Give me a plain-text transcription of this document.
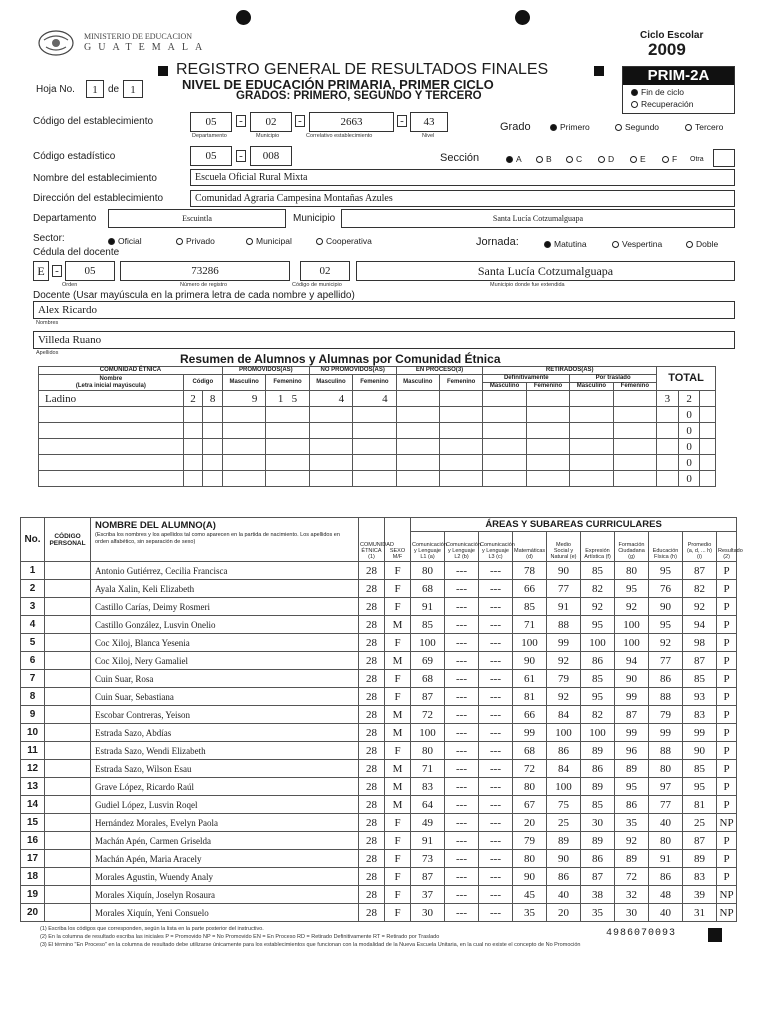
MINISTERIO DE EDUCACION
GUATEMALA
Ciclo Escolar
2009
REGISTRO GENERAL DE RESULTADOS FINALES
NIVEL DE EDUCACIÓN PRIMARIA, PRIMER CICLO
GRADOS: PRIMERO, SEGUNDO Y TERCERO
PRIM-2A
Fin de ciclo
Recuperación
Hoja No.	1	de	1
Código del establecimiento	05	-	02	-	2663	-	43
Departamento	Municipio	Correlativo establecimiento	Nivel
Grado	Primero	Segundo	Tercero
Código estadístico	05	-	008	Sección	A	B	C	D	E	F Otra
Nombre del establecimiento	Escuela Oficial Rural Mixta
Dirección del establecimiento	Comunidad Agraria Campesina Montañas Azules
Departamento	Escuintla	Municipio	Santa Lucía Cotzumalguapa
Sector:	Oficial	Privado	Municipal	Cooperativa	Jornada:	Matutina	Vespertina	Doble
Cédula del docente
E -	05	73286	02	Santa Lucía Cotzumalguapa
Orden	Número de registro	Código de municipio	Municipio donde fue extendida
Docente (Usar mayúscula en la primera letra de cada nombre y apellido)
Alex Ricardo
Nombres
Villeda Ruano
Apellidos	Resumen de Alumnos y Alumnas por Comunidad Étnica
COMUNIDAD ÉTNICA			PROMOVIDOS(AS)		NO PROMOVIDOS(AS)		EN PROCESO(3)		RETIRADOS(AS)				TOTAL		
Nombre
(Letra inicial mayúscula)	Código		Masculino	Femenino	Masculino	Femenino	Masculino	Femenino	Definitivamente		Por traslado				
									Masculino	Femenino	Masculino	Femenino			
Ladino	2	8	9	1 5	4	4							3	2	
														0	
														0	
														0	
														0	
														0	
No.	CÓDIGO PERSONAL	NOMBRE DEL ALUMNO(A)
(Escriba los nombres y los apellidos tal como aparecen en la partida de nacimiento. Los apellidos en orden alfabético, sin separación de sexo)	COMUNIDAD ÉTNICA (1)	SEXO M/F	ÁREAS Y SUBAREAS CURRICULARES									
					Comunicación y Lenguaje L1 (a)	Comunicación y Lenguaje L2 (b)	Comunicación y Lenguaje L3 (c)	Matemáticas (d)	Medio Social y Natural (e)	Expresión Artística (f)	Formación Ciudadana (g)	Educación Física (h)	Promedio (a, d, ... h) (i)	Resultado (2)
1		Antonio Gutiérrez, Cecilia Francisca	28	F	80	---	---	78	90	85	80	95	87	P
2		Ayala Xalin, Keli Elizabeth	28	F	68	---	---	66	77	82	95	76	82	P
3		Castillo Carías, Deimy Rosmeri	28	F	91	---	---	85	91	92	92	90	92	P
4		Castillo González, Lusvin Onelio	28	M	85	---	---	71	88	95	100	95	94	P
5		Coc Xiloj, Blanca Yesenia	28	F	100	---	---	100	99	100	100	92	98	P
6		Coc Xiloj, Nery Gamaliel	28	M	69	---	---	90	92	86	94	77	87	P
7		Cuin Suar, Rosa	28	F	68	---	---	61	79	85	90	86	85	P
8		Cuin Suar, Sebastiana	28	F	87	---	---	81	92	95	99	88	93	P
9		Escobar Contreras, Yeison	28	M	72	---	---	66	84	82	87	79	83	P
10		Estrada Sazo, Abdías	28	M	100	---	---	99	100	100	99	99	99	P
11		Estrada Sazo, Wendi Elizabeth	28	F	80	---	---	68	86	89	96	88	90	P
12		Estrada Sazo, Wilson Esau	28	M	71	---	---	72	84	86	89	80	85	P
13		Grave López, Ricardo Raúl	28	M	83	---	---	80	100	89	95	97	95	P
14		Gudiel López, Lusvin Roqel	28	M	64	---	---	67	75	85	86	77	81	P
15		Hernández Morales, Evelyn Paola	28	F	49	---	---	20	25	30	35	40	25	NP
16		Machán Apén, Carmen Griselda	28	F	91	---	---	79	89	89	92	80	87	P
17		Machán Apén, Maria Aracely	28	F	73	---	---	80	90	86	89	91	89	P
18		Morales Agustin, Wuendy Analy	28	F	87	---	---	90	86	87	72	86	83	P
19		Morales Xiquín, Joselyn Rosaura	28	F	37	---	---	45	40	38	32	48	39	NP
20		Morales Xiquín, Yeni Consuelo	28	F	30	---	---	35	20	35	30	40	31	NP
(1) Escriba los códigos que corresponden, según la lista en la parte posterior del instructivo.
(2) En la columna de resultado escriba las iniciales P = Promovido NP = No Promovido EN = En Proceso RD = Retirado Definitivamente RT = Retirado por Traslado
(3) El término "En Proceso" en la columna de resultado debe utilizarse únicamente para los establecimientos que funcionan con la modalidad de la Nueva Escuela Unitaria, en la cual no existe el concepto de No Promoción
4986070093
